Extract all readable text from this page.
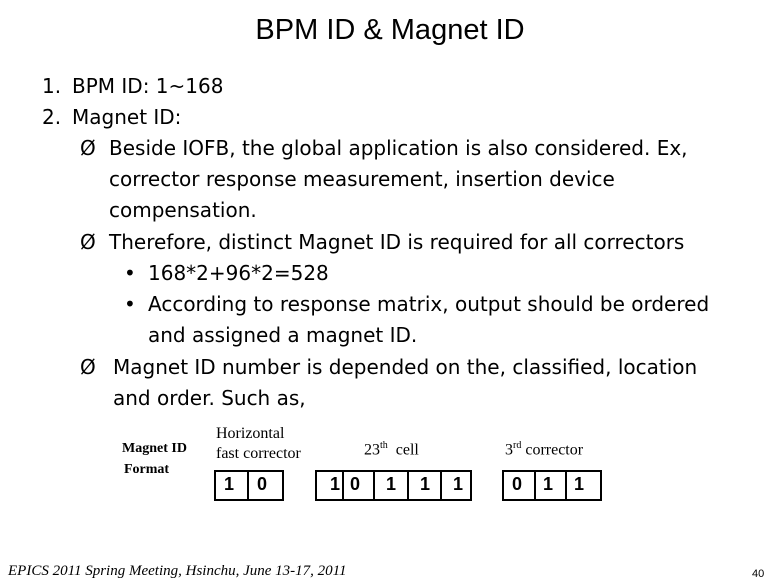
BPM ID & Magnet ID
1. BPM ID: 1~168
2. Magnet ID:
Ø Beside IOFB, the global application is also considered. Ex,
corrector response measurement, insertion device
compensation.
Ø Therefore, distinct Magnet ID is required for all correctors
• 168*2+96*2=528
• According to response matrix, output should be ordered
and assigned a magnet ID.
Ø Magnet ID number is depended on the, classified, location
and order. Such as,
Magnet ID
Format
Horizontal
fast corrector	23th cell	3rd corrector
1 0	1 0 1 1 1	0 1 1
EPICS 2011 Spring Meeting, Hsinchu, June 13-17, 2011	40
